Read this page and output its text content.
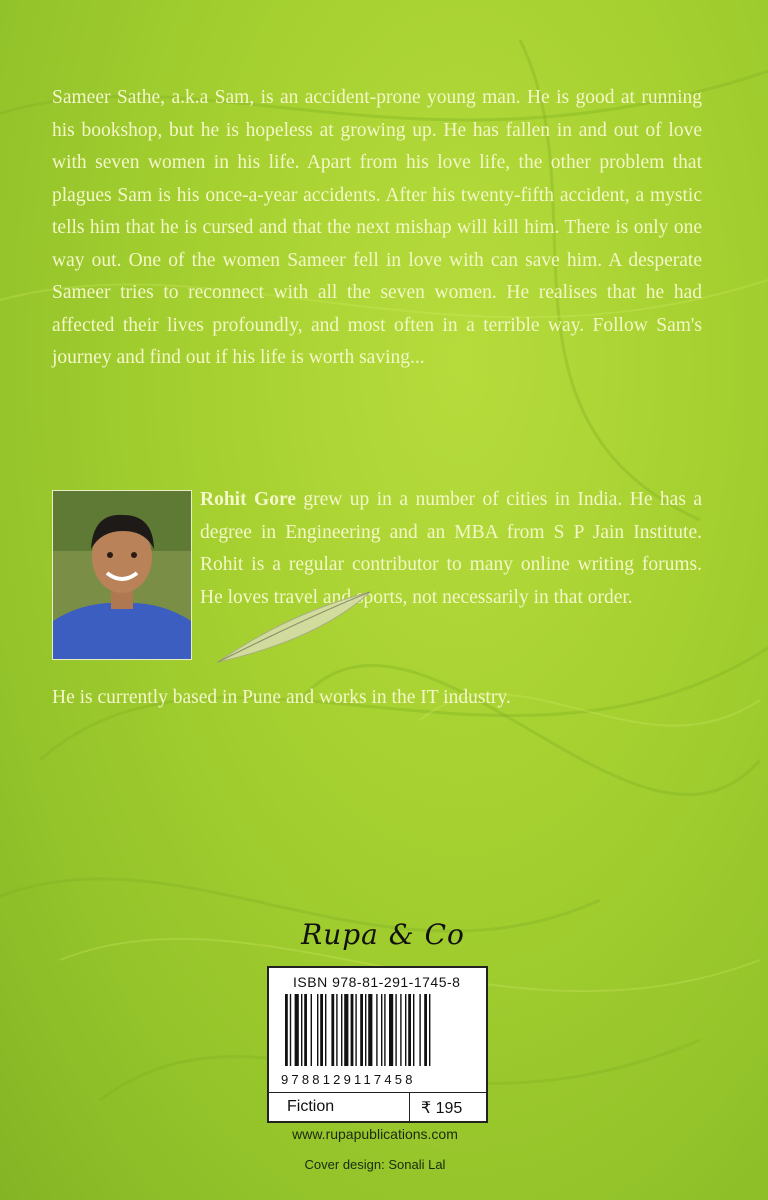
Sameer Sathe, a.k.a Sam, is an accident-prone young man. He is good at running his bookshop, but he is hopeless at growing up. He has fallen in and out of love with seven women in his life. Apart from his love life, the other problem that plagues Sam is his once-a-year accidents. After his twenty-fifth accident, a mystic tells him that he is cursed and that the next mishap will kill him. There is only one way out. One of the women Sameer fell in love with can save him. A desperate Sameer tries to reconnect with all the seven women. He realises that he had affected their lives profoundly, and most often in a terrible way. Follow Sam's journey and find out if his life is worth saving...
Rohit Gore grew up in a number of cities in India. He has a degree in Engineering and an MBA from S P Jain Institute. Rohit is a regular contributor to many online writing forums. He loves travel and sports, not necessarily in that order.
He is currently based in Pune and works in the IT industry.
Rupa & Co
ISBN 978-81-291-1745-8
9788129117458
Fiction	₹ 195
www.rupapublications.com
Cover design: Sonali Lal
